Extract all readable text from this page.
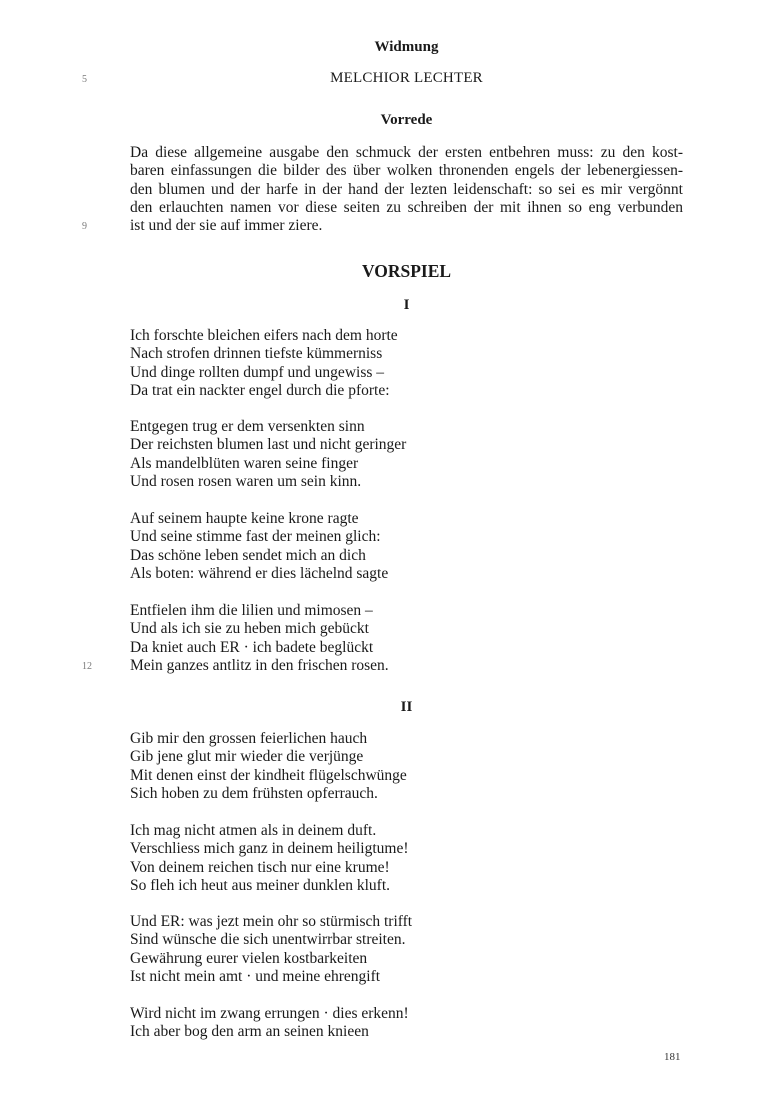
Widmung
5	MELCHIOR LECHTER
Vorrede
Da diese allgemeine ausgabe den schmuck der ersten entbehren muss: zu den kost-
baren einfassungen die bilder des über wolken thronenden engels der lebenergiessen-
den blumen und der harfe in der hand der lezten leidenschaft: so sei es mir vergönnt
den erlauchten namen vor diese seiten zu schreiben der mit ihnen so eng verbunden
ist und der sie auf immer ziere.
9
VORSPIEL
I
Ich forschte bleichen eifers nach dem horte
Nach strofen drinnen tiefste kümmerniss
Und dinge rollten dumpf und ungewiss –
Da trat ein nackter engel durch die pforte:
Entgegen trug er dem versenkten sinn
Der reichsten blumen last und nicht geringer
Als mandelblüten waren seine finger
Und rosen rosen waren um sein kinn.
Auf seinem haupte keine krone ragte
Und seine stimme fast der meinen glich:
Das schöne leben sendet mich an dich
Als boten: während er dies lächelnd sagte
Entfielen ihm die lilien und mimosen –
Und als ich sie zu heben mich gebückt
Da kniet auch ER · ich badete beglückt
Mein ganzes antlitz in den frischen rosen.
12
II
Gib mir den grossen feierlichen hauch
Gib jene glut mir wieder die verjünge
Mit denen einst der kindheit flügelschwünge
Sich hoben zu dem frühsten opferrauch.
Ich mag nicht atmen als in deinem duft.
Verschliess mich ganz in deinem heiligtume!
Von deinem reichen tisch nur eine krume!
So fleh ich heut aus meiner dunklen kluft.
Und ER: was jezt mein ohr so stürmisch trifft
Sind wünsche die sich unentwirrbar streiten.
Gewährung eurer vielen kostbarkeiten
Ist nicht mein amt · und meine ehrengift
Wird nicht im zwang errungen · dies erkenn!
Ich aber bog den arm an seinen knieen
181
